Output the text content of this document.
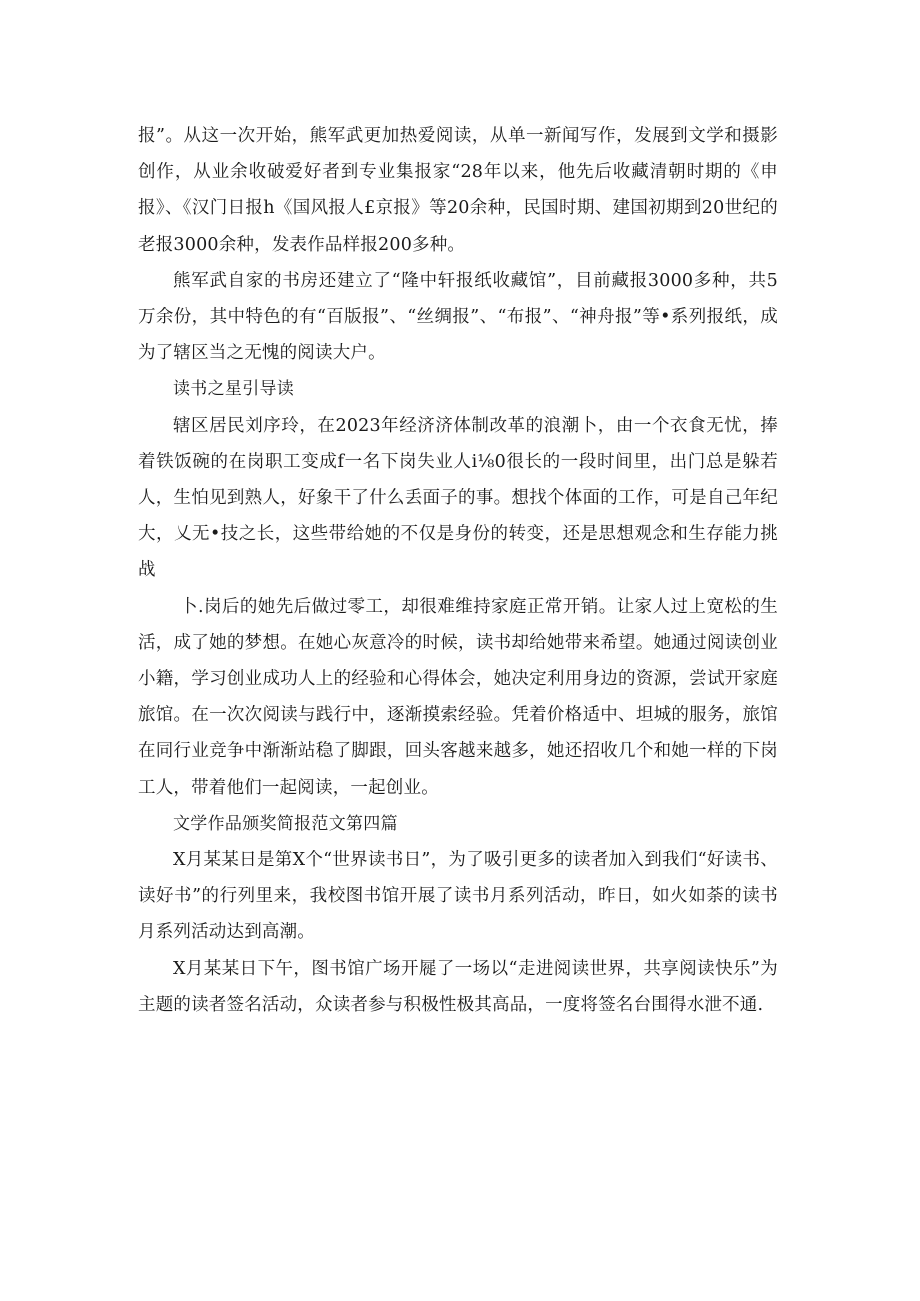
报”。从这一次开始，熊军武更加热爱阅读，从单一新闻写作，发展到文学和摄影创作，从业余收破爱好者到专业集报家“28年以来，他先后收藏清朝时期的《申报》、《汉门日报h《国风报人£京报》等20余种，民国时期、建国初期到20世纪的老报3000余种，发表作品样报200多种。

熊军武自家的书房还建立了“隆中轩报纸收藏馆”，目前藏报3000多种，共5万余份，其中特色的有“百版报”、“丝绸报”、“布报”、“神舟报”等•系列报纸，成为了辖区当之无愧的阅读大户。

读书之星引导读

辖区居民刘序玲，在2023年经济济体制改革的浪潮卜，由一个衣食无忧，捧着铁饭碗的在岗职工变成f一名下岗失业人i⅛0很长的一段时间里，出门总是躲若人，生怕见到熟人，好象干了什么丢面子的事。想找个体面的工作，可是自己年纪大，乂无•技之长，这些带给她的不仅是身份的转变，还是思想观念和生存能力挑战

卜.岗后的她先后做过零工，却很难维持家庭正常开销。让家人过上宽松的生活，成了她的梦想。在她心灰意冷的时候，读书却给她带来希望。她通过阅读创业小籍，学习创业成功人上的经验和心得体会，她决定利用身边的资源，尝试开家庭旅馆。在一次次阅读与践行中，逐渐摸索经验。凭着价格适中、坦城的服务，旅馆在同行业竞争中渐渐站稳了脚跟，回头客越来越多，她还招收几个和她一样的下岗工人，带着他们一起阅读，一起创业。

文学作品颁奖简报范文第四篇

X月某某日是第X个“世界读书日”，为了吸引更多的读者加入到我们“好读书、读好书”的行列里来，我校图书馆开展了读书月系列活动，昨日，如火如荼的读书月系列活动达到高潮。

X月某某日下午，图书馆广场开屣了一场以“走进阅读世界，共享阅读快乐”为主题的读者签名活动，众读者参与积极性极其高品，一度将签名台围得水泄不通.
